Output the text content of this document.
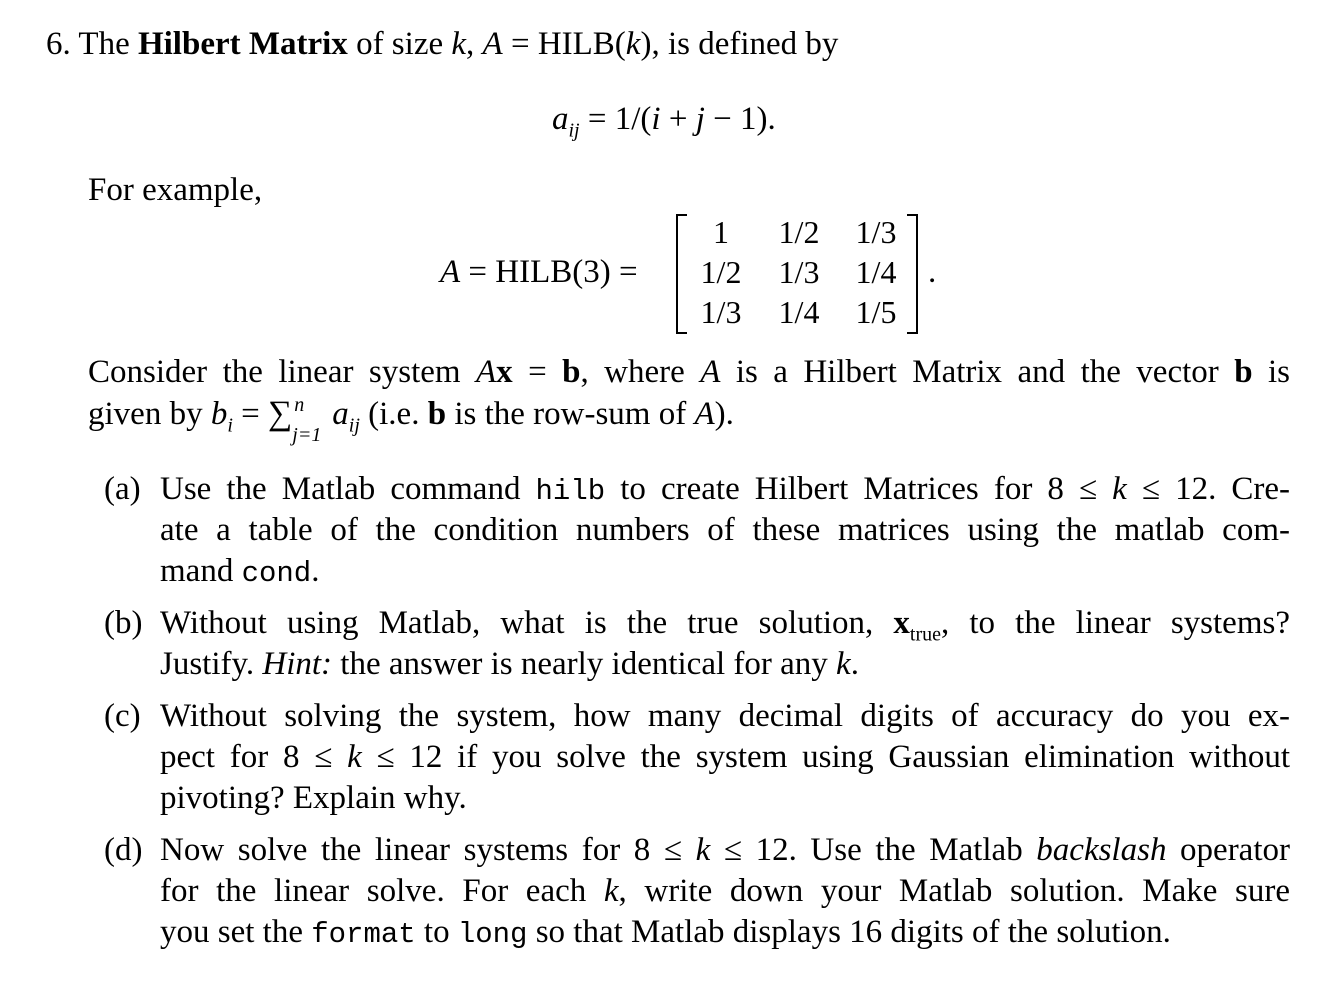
6. The Hilbert Matrix of size k, A = HILB(k), is defined by
$a_{ij} = 1/(i + j - 1)$.
For example,
A = HILB(3) =
1	1/2	1/3
1/2	1/3	1/4
1/3	1/4	1/5
.
Consider the linear system Ax = b, where A is a Hilbert Matrix and the vector b is
given by $b_i$ = ∑ n
j=1
$a_{ij}$ (i.e. b is the row-sum of A).
(a) Use the Matlab command hilb to create Hilbert Matrices for 8 ≤ k ≤ 12. Cre-
ate a table of the condition numbers of these matrices using the matlab com-
mand cond.
(b) Without using Matlab, what is the true solution, $x_{true}$, to the linear systems?
Justify. Hint: the answer is nearly identical for any k.
(c) Without solving the system, how many decimal digits of accuracy do you ex-
pect for 8 ≤ k ≤ 12 if you solve the system using Gaussian elimination without
pivoting? Explain why.
(d) Now solve the linear systems for 8 ≤ k ≤ 12. Use the Matlab backslash operator
for the linear solve. For each k, write down your Matlab solution. Make sure
you set the format to long so that Matlab displays 16 digits of the solution.
